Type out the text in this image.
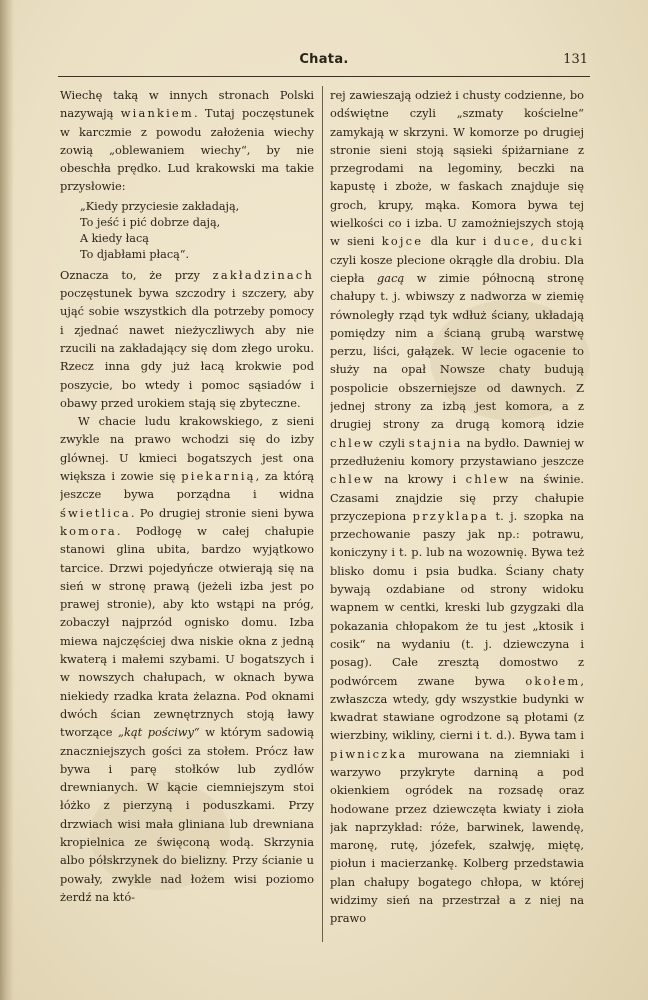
Chata.	131

Wiechę taką w innych stronach Polski nazywają wiankiem. Tutaj poczęstunek w karczmie z powodu założenia wiechy zowią „oblewaniem wiechy“, by nie obeschła prędko. Lud krakowski ma takie przysłowie:

„Kiedy przyciesie zakładają,
To jeść i pić dobrze dają,
A kiedy łacą
To djabłami płacą“.

Oznacza to, że przy zakładzinach poczęstunek bywa szczodry i szczery, aby ująć sobie wszystkich dla potrzeby pomocy i zjednać nawet nieżyczliwych aby nie rzucili na zakładający się dom złego uroku. Rzecz inna gdy już łacą krokwie pod poszycie, bo wtedy i pomoc sąsiadów i obawy przed urokiem stają się zbyteczne.

W chacie ludu krakowskiego, z sieni zwykle na prawo wchodzi się do izby glównej. U kmieci bogatszych jest ona większa i zowie się piekarnią, za którą jeszcze bywa porządna i widna świetlica. Po drugiej stronie sieni bywa komora. Podłogę w całej chałupie stanowi glina ubita, bardzo wyjątkowo tarcice. Drzwi pojedyńcze otwierają się na sień w stronę prawą (jeżeli izba jest po prawej stronie), aby kto wstąpi na próg, zobaczył najprzód ognisko domu. Izba miewa najczęściej dwa niskie okna z jedną kwaterą i małemi szybami. U bogatszych i w nowszych chałupach, w oknach bywa niekiedy rzadka krata żelazna. Pod oknami dwóch ścian zewnętrznych stoją ławy tworzące „kąt pościwy“ w którym sadowią znaczniejszych gości za stołem. Prócz ław bywa i parę stołków lub zydlów drewnianych. W kącie ciemniejszym stoi łóżko z pierzyną i poduszkami. Przy drzwiach wisi mała gliniana lub drewniana kropielnica ze święconą wodą. Skrzynia albo półskrzynek do bielizny. Przy ścianie u powały, zwykle nad łożem wisi poziomo żerdź na któ-

rej zawieszają odzież i chusty codzienne, bo odświętne czyli „szmaty kościelne“ zamykają w skrzyni. W komorze po drugiej stronie sieni stoją sąsieki śpiżarniane z przegrodami na legominy, beczki na kapustę i zboże, w faskach znajduje się groch, krupy, mąka. Komora bywa tej wielkości co i izba. U zamożniejszych stoją w sieni kojce dla kur i duce, ducki czyli kosze plecione okrągłe dla drobiu. Dla ciepła gacą w zimie północną stronę chałupy t. j. wbiwszy z nadworza w ziemię równoległy rząd tyk wdłuż ściany, układają pomiędzy nim a ścianą grubą warstwę perzu, liści, gałązek. W lecie ogacenie to służy na opał Nowsze chaty budują pospolicie obszerniejsze od dawnych. Z jednej strony za izbą jest komora, a z drugiej strony za drugą komorą idzie chlew czyli stajnia na bydło. Dawniej w przedłużeniu komory przystawiano jeszcze chlew na krowy i chlew na świnie. Czasami znajdzie się przy chałupie przyczepiona przyklapa t. j. szopka na przechowanie paszy jak np.: potrawu, koniczyny i t. p. lub na wozownię. Bywa też blisko domu i psia budka. Ściany chaty bywają ozdabiane od strony widoku wapnem w centki, kreski lub gzygzaki dla pokazania chłopakom że tu jest „ktosik i cosik“ na wydaniu (t. j. dziewczyna i posag). Całe zresztą domostwo z podwórcem zwane bywa okołem, zwłaszcza wtedy, gdy wszystkie budynki w kwadrat stawiane ogrodzone są płotami (z wierzbiny, wikliny, cierni i t. d.). Bywa tam i piwniczka murowana na ziemniaki i warzywo przykryte darniną a pod okienkiem ogródek na rozsadę oraz hodowane przez dziewczęta kwiaty i zioła jak naprzykład: róże, barwinek, lawendę, maronę, rutę, józefek, szałwję, miętę, piołun i macierzankę. Kolberg przedstawia plan chałupy bogatego chłopa, w której widzimy sień na przestrzał a z niej na prawo
